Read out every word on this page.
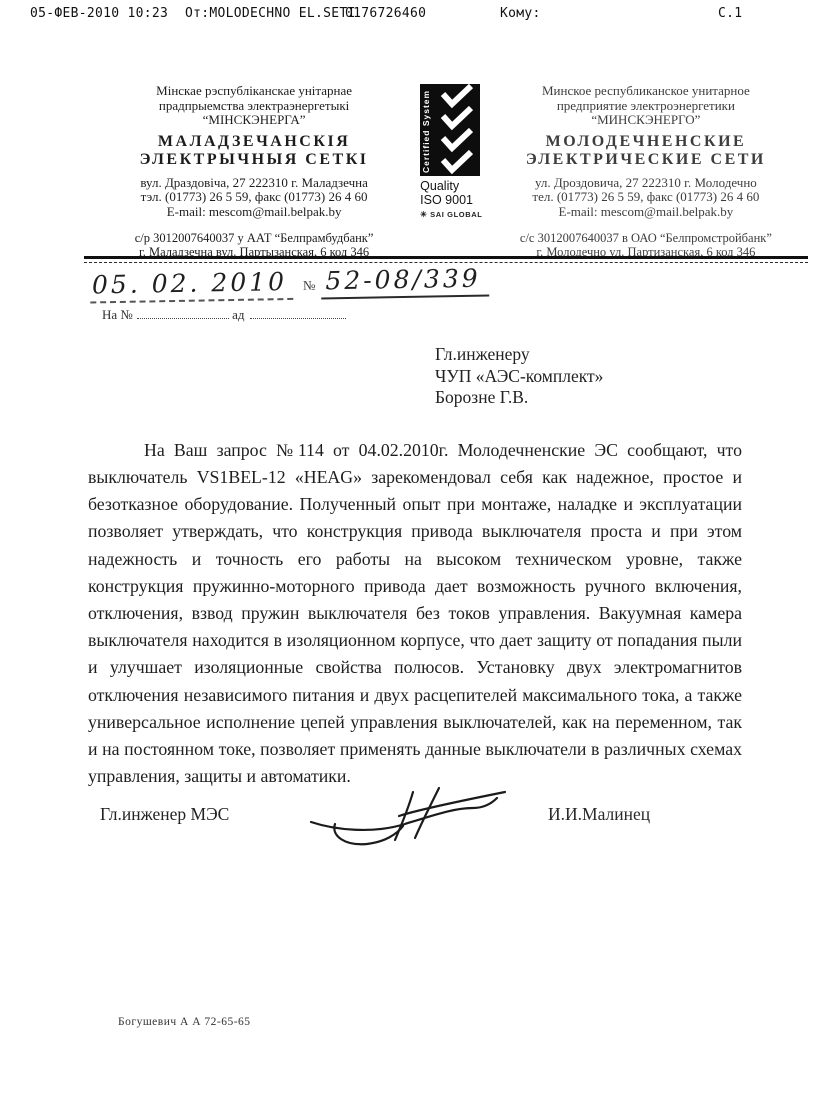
05-ФЕВ-2010 10:23 От:MOLODECHNO EL.SETI
0176726460	Кому:	С.1
Мінскае рэспубліканскае унітарнае
прадпрыемства электраэнергетыкі
“МІНСКЭНЕРГА”
МАЛАДЗЕЧАНСКІЯ
ЭЛЕКТРЫЧНЫЯ СЕТКІ
вул. Драздовіча, 27 222310 г. Маладзечна
тэл. (01773) 26 5 59, факс (01773) 26 4 60
E-mail: mescom@mail.belpak.by
с/р 3012007640037 у ААТ “Белпрамбудбанк”
г. Маладзечна вул. Партызанская, 6 код 346
Certified System
Quality
ISO 9001
✳ SAI GLOBAL
Минское республиканское унитарное
предприятие электроэнергетики
“МИНСКЭНЕРГО”
МОЛОДЕЧНЕНСКИЕ
ЭЛЕКТРИЧЕСКИЕ СЕТИ
ул. Дроздовича, 27 222310 г. Молодечно
тел. (01773) 26 5 59, факс (01773) 26 4 60
E-mail: mescom@mail.belpak.by
с/с 3012007640037 в ОАО “Белпромстройбанк”
г. Молодечно ул. Партизанская, 6 код 346
05. 02. 2010	№ 52-08/339
На №	ад
Гл.инженеру
ЧУП «АЭС-комплект»
Борозне Г.В.

На Ваш запрос №114 от 04.02.2010г. Молодечненские ЭС сообщают, что выключатель VS1BEL-12 «HEAG» зарекомендовал себя как надежное, простое и безотказное оборудование. Полученный опыт при монтаже, наладке и эксплуатации позволяет утверждать, что конструкция привода выключателя проста и при этом надежность и точность его работы на высоком техническом уровне, также конструкция пружинно-моторного привода дает возможность ручного включения, отключения, взвод пружин выключателя без токов управления. Вакуумная камера выключателя находится в изоляционном корпусе, что дает защиту от попадания пыли и улучшает изоляционные свойства полюсов. Установку двух электромагнитов отключения независимого питания и двух расцепителей максимального тока, а также универсальное исполнение цепей управления выключателей, как на переменном, так и на постоянном токе, позволяет применять данные выключатели в различных схемах управления, защиты и автоматики.

Гл.инженер МЭС	И.И.Малинец
Богушевич А А 72-65-65
